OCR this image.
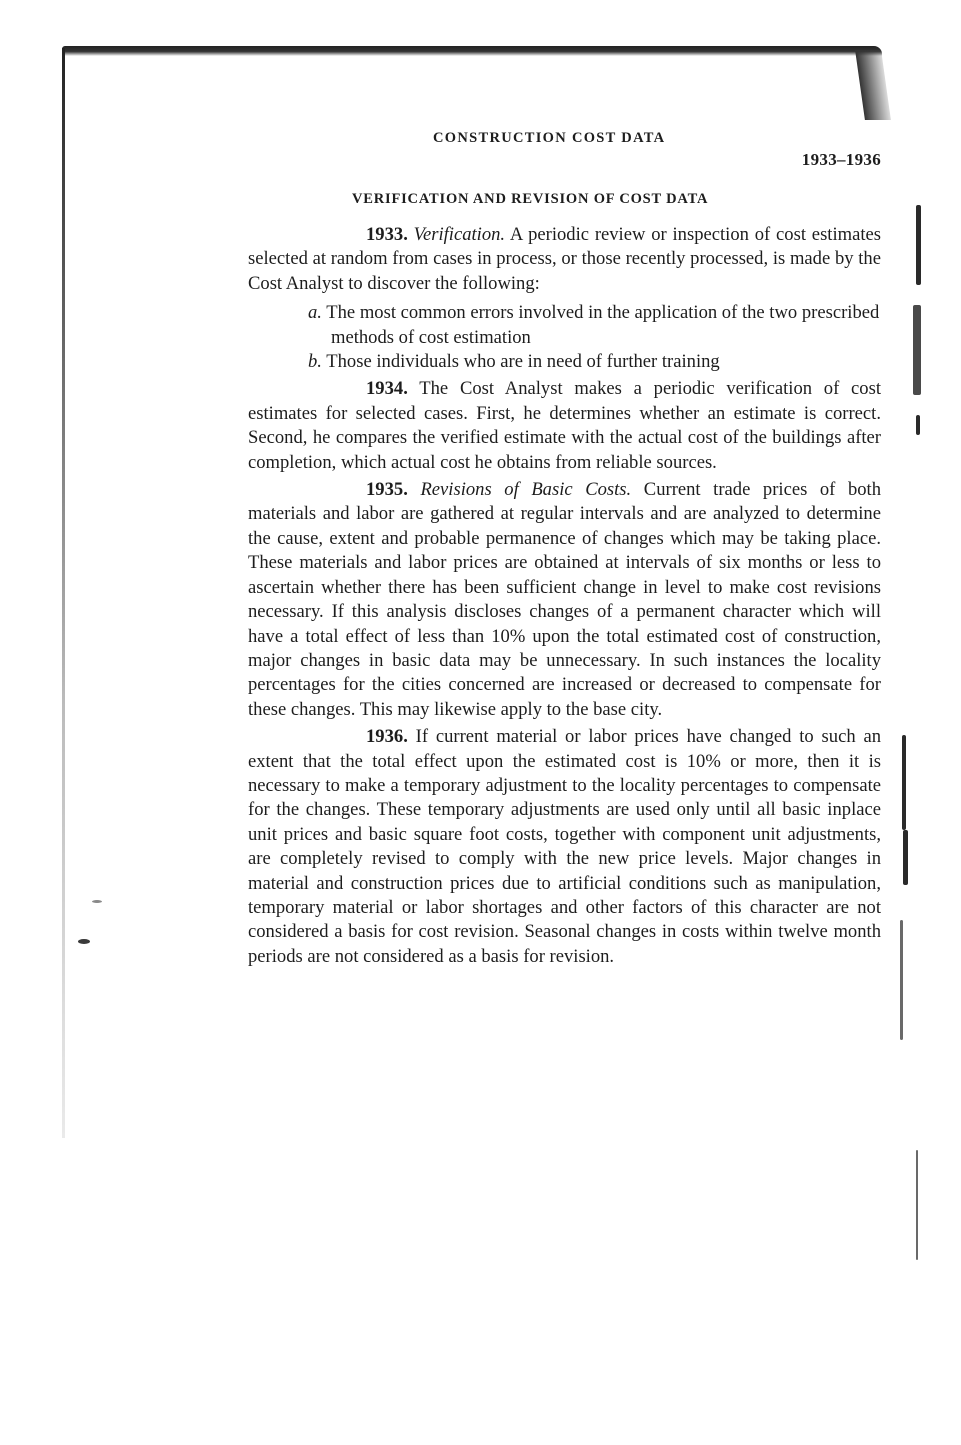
CONSTRUCTION COST DATA
1933–1936
VERIFICATION AND REVISION OF COST DATA

1933. Verification. A periodic review or inspection of cost estimates selected at random from cases in process, or those recently processed, is made by the Cost Analyst to discover the following:

a. The most common errors involved in the application of the two prescribed methods of cost estimation
b. Those individuals who are in need of further training

1934. The Cost Analyst makes a periodic verification of cost estimates for selected cases. First, he determines whether an estimate is correct. Second, he compares the verified estimate with the actual cost of the buildings after completion, which actual cost he obtains from reliable sources.

1935. Revisions of Basic Costs. Current trade prices of both materials and labor are gathered at regular intervals and are analyzed to determine the cause, extent and probable permanence of changes which may be taking place. These materials and labor prices are obtained at intervals of six months or less to ascertain whether there has been sufficient change in level to make cost revisions necessary. If this analysis discloses changes of a permanent character which will have a total effect of less than 10% upon the total estimated cost of construction, major changes in basic data may be unnecessary. In such instances the locality percentages for the cities concerned are increased or decreased to compensate for these changes. This may likewise apply to the base city.

1936. If current material or labor prices have changed to such an extent that the total effect upon the estimated cost is 10% or more, then it is necessary to make a temporary adjustment to the locality percentages to compensate for the changes. These temporary adjustments are used only until all basic inplace unit prices and basic square foot costs, together with component unit adjustments, are completely revised to comply with the new price levels. Major changes in material and construction prices due to artificial conditions such as manipulation, temporary material or labor shortages and other factors of this character are not considered a basis for cost revision. Seasonal changes in costs within twelve month periods are not considered as a basis for revision.
